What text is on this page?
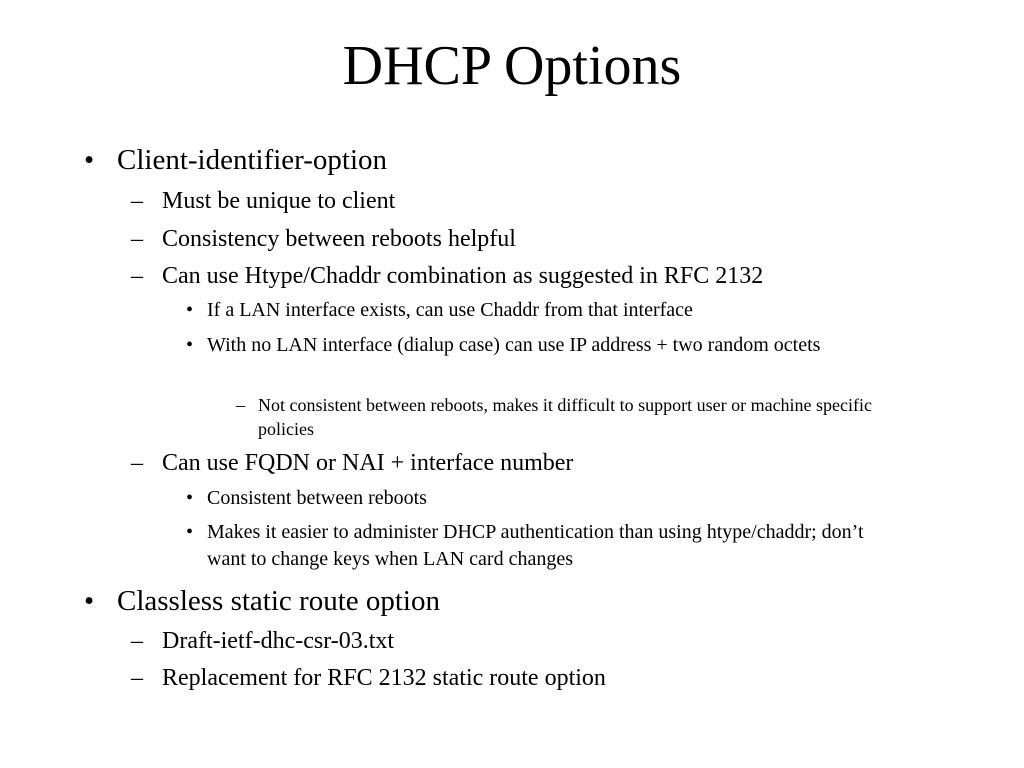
DHCP Options
• Client-identifier-option
– Must be unique to client
– Consistency between reboots helpful
– Can use Htype/Chaddr combination as suggested in RFC 2132
• If a LAN interface exists, can use Chaddr from that interface
• With no LAN interface (dialup case) can use IP address + two random octets
– Not consistent between reboots, makes it difficult to support user or machine specific policies
– Can use FQDN or NAI + interface number
• Consistent between reboots
• Makes it easier to administer DHCP authentication than using htype/chaddr; don’t want to change keys when LAN card changes
• Classless static route option
– Draft-ietf-dhc-csr-03.txt
– Replacement for RFC 2132 static route option
